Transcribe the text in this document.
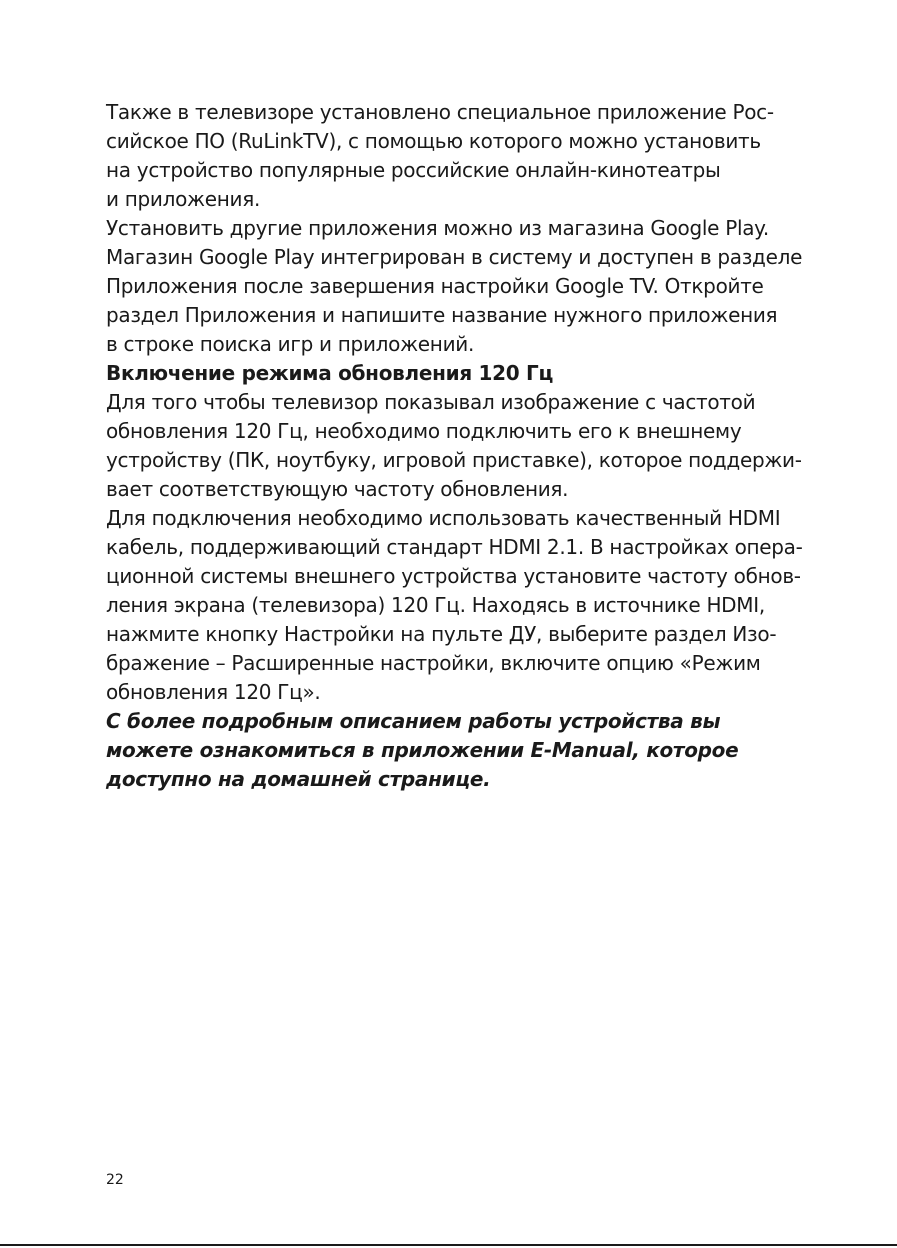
Также в телевизоре установлено специальное приложение Рос-
сийское ПО (RuLinkTV), с помощью которого можно установить
на устройство популярные российские онлайн-кинотеатры
и приложения.
Установить другие приложения можно из магазина Google Play.
Магазин Google Play интегрирован в систему и доступен в разделе
Приложения после завершения настройки Google TV. Откройте
раздел Приложения и напишите название нужного приложения
в строке поиска игр и приложений.
Включение режима обновления 120 Гц
Для того чтобы телевизор показывал изображение с частотой
обновления 120 Гц, необходимо подключить его к внешнему
устройству (ПК, ноутбуку, игровой приставке), которое поддержи-
вает соответствующую частоту обновления.
Для подключения необходимо использовать качественный HDMI
кабель, поддерживающий стандарт HDMI 2.1. В настройках опера-
ционной системы внешнего устройства установите частоту обнов-
ления экрана (телевизора) 120 Гц. Находясь в источнике HDMI,
нажмите кнопку Настройки на пульте ДУ, выберите раздел Изо-
бражение – Расширенные настройки, включите опцию «Режим
обновления 120 Гц».
С более подробным описанием работы устройства вы
можете ознакомиться в приложении E-Manual, которое
доступно на домашней странице.
22
